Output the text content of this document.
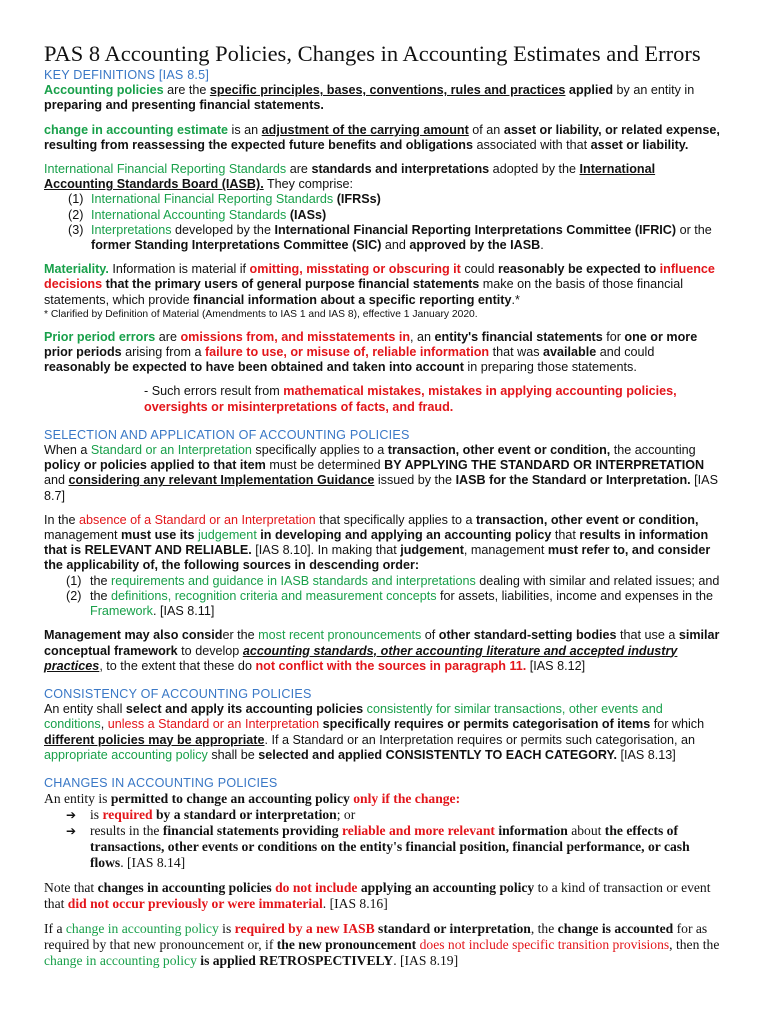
PAS 8 Accounting Policies, Changes in Accounting Estimates and Errors
KEY DEFINITIONS [IAS 8.5]

Accounting policies are the specific principles, bases, conventions, rules and practices applied by an entity in preparing and presenting financial statements.

change in accounting estimate is an adjustment of the carrying amount of an asset or liability, or related expense, resulting from reassessing the expected future benefits and obligations associated with that asset or liability.

International Financial Reporting Standards are standards and interpretations adopted by the International Accounting Standards Board (IASB). They comprise:

(1) International Financial Reporting Standards (IFRSs)
(2) International Accounting Standards (IASs)
(3) Interpretations developed by the International Financial Reporting Interpretations Committee (IFRIC) or the former Standing Interpretations Committee (SIC) and approved by the IASB.

Materiality. Information is material if omitting, misstating or obscuring it could reasonably be expected to influence decisions that the primary users of general purpose financial statements make on the basis of those financial statements, which provide financial information about a specific reporting entity.*

* Clarified by Definition of Material (Amendments to IAS 1 and IAS 8), effective 1 January 2020.

Prior period errors are omissions from, and misstatements in, an entity's financial statements for one or more prior periods arising from a failure to use, or misuse of, reliable information that was available and could reasonably be expected to have been obtained and taken into account in preparing those statements.

- Such errors result from mathematical mistakes, mistakes in applying accounting policies, oversights or misinterpretations of facts, and fraud.

SELECTION AND APPLICATION OF ACCOUNTING POLICIES

When a Standard or an Interpretation specifically applies to a transaction, other event or condition, the accounting policy or policies applied to that item must be determined BY APPLYING THE STANDARD OR INTERPRETATION and considering any relevant Implementation Guidance issued by the IASB for the Standard or Interpretation. [IAS 8.7]

In the absence of a Standard or an Interpretation that specifically applies to a transaction, other event or condition, management must use its judgement in developing and applying an accounting policy that results in information that is RELEVANT AND RELIABLE. [IAS 8.10]. In making that judgement, management must refer to, and consider the applicability of, the following sources in descending order:

(1) the requirements and guidance in IASB standards and interpretations dealing with similar and related issues; and
(2) the definitions, recognition criteria and measurement concepts for assets, liabilities, income and expenses in the Framework. [IAS 8.11]

Management may also consider the most recent pronouncements of other standard-setting bodies that use a similar conceptual framework to develop accounting standards, other accounting literature and accepted industry practices, to the extent that these do not conflict with the sources in paragraph 11. [IAS 8.12]

CONSISTENCY OF ACCOUNTING POLICIES

An entity shall select and apply its accounting policies consistently for similar transactions, other events and conditions, unless a Standard or an Interpretation specifically requires or permits categorisation of items for which different policies may be appropriate. If a Standard or an Interpretation requires or permits such categorisation, an appropriate accounting policy shall be selected and applied CONSISTENTLY TO EACH CATEGORY. [IAS 8.13]

CHANGES IN ACCOUNTING POLICIES

An entity is permitted to change an accounting policy only if the change:

➔ is required by a standard or interpretation; or
➔ results in the financial statements providing reliable and more relevant information about the effects of transactions, other events or conditions on the entity's financial position, financial performance, or cash flows. [IAS 8.14]

Note that changes in accounting policies do not include applying an accounting policy to a kind of transaction or event that did not occur previously or were immaterial. [IAS 8.16]

If a change in accounting policy is required by a new IASB standard or interpretation, the change is accounted for as required by that new pronouncement or, if the new pronouncement does not include specific transition provisions, then the change in accounting policy is applied RETROSPECTIVELY. [IAS 8.19]
